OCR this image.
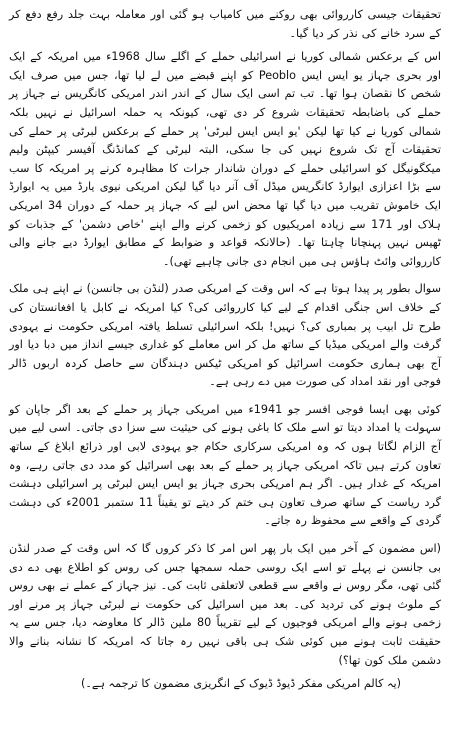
تحقیقات جیسی کارروائی بھی روکنے میں کامیاب ہو گئی اور معاملہ بہت جلد رفع دفع کر کے سرد خانے کی نذر کر دیا گیا۔

اس کے برعکس شمالی کوریا نے اسرائیلی حملے کے اگلے سال 1968ء میں امریکہ کے ایک اور بحری جہاز یو ایس ایس Peoblo کو اپنے قبضے میں لے لیا تھا، جس میں صرف ایک شخص کا نقصان ہوا تھا۔ تب تم اسی ایک سال کے اندر اندر امریکی کانگریس نے جہاز پر حملے کی باضابطہ تحقیقات شروع کر دی تھی، کیونکہ یہ حملہ اسرائیل نے نہیں بلکہ شمالی کوریا نے کیا تھا لیکن 'یو ایس ایس لبرٹی' پر حملے کے برعکس لبرٹی پر حملے کی تحقیقات آج تک شروع نہیں کی جا سکی، البتہ لبرٹی کے کمانڈنگ آفیسر کیپٹن ولیم میکگونیگل کو اسرائیلی حملے کے دوران شاندار جرات کا مظاہرہ کرنے پر امریکہ کا سب سے بڑا اعزازی ایوارڈ کانگریس میڈل آف آنر دیا گیا لیکن امریکی نیوی یارڈ میں یہ ایوارڈ ایک خاموش تقریب میں دیا گیا تھا محض اس لیے کہ جہاز پر حملہ کے دوران 34 امریکی ہلاک اور 171 سے زیادہ امریکیوں کو زخمی کرنے والے اپنے 'خاص دشمن' کے جذبات کو ٹھیس نہیں پہنچانا چاہتا تھا۔ (حالانکہ قواعد و ضوابط کے مطابق ایوارڈ دیے جانے والی کارروائی وائٹ ہاؤس ہی میں انجام دی جانی چاہیے تھی)۔

سوال بطور پر پیدا ہوتا ہے کہ اس وقت کے امریکی صدر (لنڈن بی جانسن) نے اپنے ہی ملک کے خلاف اس جنگی اقدام کے لیے کیا کارروائی کی؟ کیا امریکہ نے کابل یا افغانستان کی طرح تل ابیب پر بمباری کی؟ نہیں! بلکہ اسرائیلی تسلط یافتہ امریکی حکومت نے یہودی گرفت والے امریکی میڈیا کے ساتھ مل کر اس معاملے کو غداری جیسے انداز میں دبا دیا اور آج بھی ہماری حکومت اسرائیل کو امریکی ٹیکس دہندگان سے حاصل کردہ اربوں ڈالر فوجی اور نقد امداد کی صورت میں دے رہی ہے۔

کوئی بھی ایسا فوجی افسر جو 1941ء میں امریکی جہاز پر حملے کے بعد اگر جاپان کو سہولت یا امداد دیتا تو اسے ملک کا باغی ہونے کی حیثیت سے سزا دی جاتی۔ اسی لیے میں آج الزام لگاتا ہوں کہ وہ امریکی سرکاری حکام جو یہودی لابی اور ذرائع ابلاغ کے ساتھ تعاون کرتے ہیں تاکہ امریکی جہاز پر حملے کے بعد بھی اسرائیل کو مدد دی جاتی رہے، وہ امریکہ کے غدار ہیں۔ اگر ہم امریکی بحری جہاز یو ایس ایس لبرٹی پر اسرائیلی دہشت گرد ریاست کے ساتھ صرف تعاون ہی ختم کر دیتے تو یقیناً 11 ستمبر 2001ء کی دہشت گردی کے واقعے سے محفوظ رہ جاتے۔

(اس مضمون کے آخر میں ایک بار پھر اس امر کا ذکر کروں گا کہ اس وقت کے صدر لنڈن بی جانسن نے پہلے تو اسے ایک روسی حملہ سمجھا جس کی روس کو اطلاع بھی دے دی گئی تھی، مگر روس نے واقعے سے قطعی لاتعلقی ثابت کی۔ نیز جہاز کے عملے نے بھی روس کے ملوث ہونے کی تردید کی۔ بعد میں اسرائیل کی حکومت نے لبرٹی جہاز پر مرنے اور زخمی ہونے والے امریکی فوجیوں کے لیے تقریباً 80 ملین ڈالر کا معاوضہ دیا، جس سے یہ حقیقت ثابت ہونے میں کوئی شک ہی باقی نہیں رہ جاتا کہ امریکہ کا نشانہ بنانے والا دشمن ملک کون تھا؟)

(یہ کالم امریکی مفکر ڈیوڈ ڈیوک کے انگریزی مضمون کا ترجمہ ہے۔)
